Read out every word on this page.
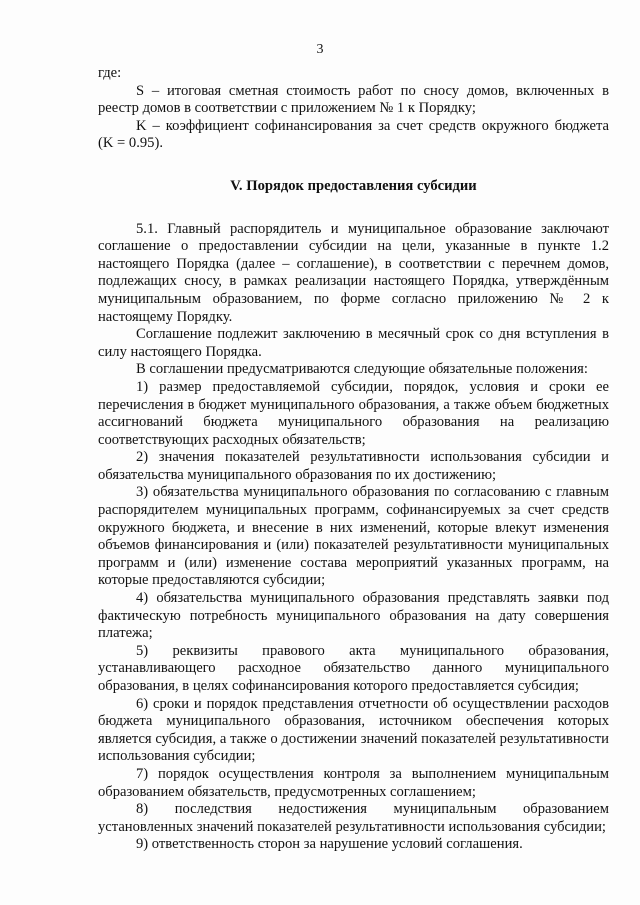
3

где:

S – итоговая сметная стоимость работ по сносу домов, включенных в реестр домов в соответствии с приложением № 1 к Порядку;

K – коэффициент софинансирования за счет средств окружного бюджета (K = 0.95).

V. Порядок предоставления субсидии

5.1. Главный распорядитель и муниципальное образование заключают соглашение о предоставлении субсидии на цели, указанные в пункте 1.2 настоящего Порядка (далее – соглашение), в соответствии с перечнем домов, подлежащих сносу, в рамках реализации настоящего Порядка, утверждённым муниципальным образованием, по форме согласно приложению № 2 к настоящему Порядку.

Соглашение подлежит заключению в месячный срок со дня вступления в силу настоящего Порядка.

В соглашении предусматриваются следующие обязательные положения:

1) размер предоставляемой субсидии, порядок, условия и сроки ее перечисления в бюджет муниципального образования, а также объем бюджетных ассигнований бюджета муниципального образования на реализацию соответствующих расходных обязательств;

2) значения показателей результативности использования субсидии и обязательства муниципального образования по их достижению;

3) обязательства муниципального образования по согласованию с главным распорядителем муниципальных программ, софинансируемых за счет средств окружного бюджета, и внесение в них изменений, которые влекут изменения объемов финансирования и (или) показателей результативности муниципальных программ и (или) изменение состава мероприятий указанных программ, на которые предоставляются субсидии;

4) обязательства муниципального образования представлять заявки под фактическую потребность муниципального образования на дату совершения платежа;

5) реквизиты правового акта муниципального образования, устанавливающего расходное обязательство данного муниципального образования, в целях софинансирования которого предоставляется субсидия;

6) сроки и порядок представления отчетности об осуществлении расходов бюджета муниципального образования, источником обеспечения которых является субсидия, а также о достижении значений показателей результативности использования субсидии;

7) порядок осуществления контроля за выполнением муниципальным образованием обязательств, предусмотренных соглашением;

8) последствия недостижения муниципальным образованием установленных значений показателей результативности использования субсидии;

9) ответственность сторон за нарушение условий соглашения.
